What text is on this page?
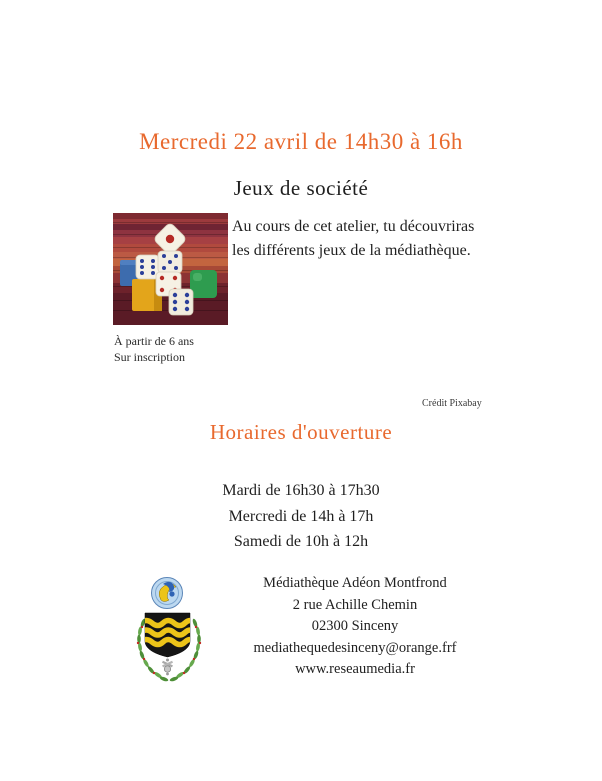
Mercredi 22 avril de 14h30 à 16h
Jeux de société
Au cours de cet atelier, tu découvriras
les différents jeux de la médiathèque.
À partir de 6 ans
Sur inscription
Crédit Pixabay
Horaires d'ouverture
Mardi de 16h30 à 17h30
Mercredi de 14h à 17h
Samedi de 10h à 12h
Médiathèque Adéon Montfrond
2 rue Achille Chemin
02300 Sinceny
mediathequedesinceny@orange.frf
www.reseaumedia.fr
